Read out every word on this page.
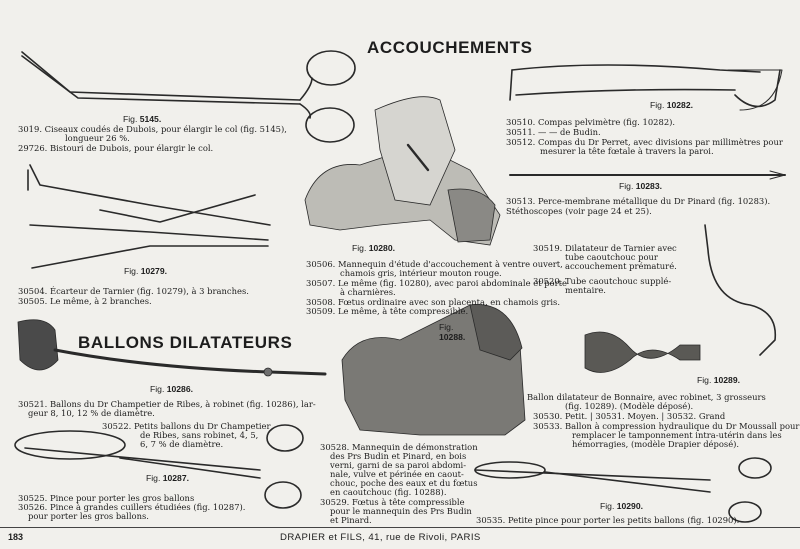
ACCOUCHEMENTS
BALLONS DILATATEURS
Fig. 5145.
Fig. 10279.
Fig. 10280.
Fig. 10282.
Fig. 10283.
Fig. 10286.
Fig. 10287.
Fig.
10288.
Fig. 10289.
Fig. 10290.
3019. Ciseaux coudés de Dubois, pour élargir le col (fig. 5145),
longueur 26 %.
29726. Bistouri de Dubois, pour élargir le col.
30504. Écarteur de Tarnier (fig. 10279), à 3 branches.
30505. Le même, à 2 branches.
30521. Ballons du Dr Champetier de Ribes, à robinet (fig. 10286), lar-
geur 8, 10, 12 % de diamètre.
30522. Petits ballons du Dr Champetier
de Ribes, sans robinet, 4, 5,
6, 7 % de diamètre.
30525. Pince pour porter les gros ballons
30526. Pince à grandes cuillers étudiées (fig. 10287).
pour porter les gros ballons.
30506. Mannequin d'étude d'accouchement à ventre ouvert,
chamois gris, intérieur mouton rouge.
30507. Le même (fig. 10280), avec paroi abdominale et porte
à charnières.
30508. Fœtus ordinaire avec son placenta, en chamois gris.
30509. Le même, à tête compressible.
30528. Mannequin de démonstration
des Prs Budin et Pinard, en bois
verni, garni de sa paroi abdomi-
nale, vulve et périnée en caout-
chouc, poche des eaux et du fœtus
en caoutchouc (fig. 10288).
30529. Fœtus à tête compressible
pour le mannequin des Prs Budin
et Pinard.
30510. Compas pelvimètre (fig. 10282).
30511. — — de Budin.
30512. Compas du Dr Perret, avec divisions par millimètres pour
mesurer la tête fœtale à travers la paroi.
30513. Perce-membrane métallique du Dr Pinard (fig. 10283).
Stéthoscopes (voir page 24 et 25).
30519. Dilatateur de Tarnier avec
tube caoutchouc pour
accouchement prématuré.
30520. Tube caoutchouc supplé-
mentaire.
Ballon dilatateur de Bonnaire, avec robinet, 3 grosseurs
(fig. 10289). (Modèle déposé).
30530. Petit. | 30531. Moyen. | 30532. Grand
30533. Ballon à compression hydraulique du Dr Moussall pour
remplacer le tamponnement intra-utérin dans les
hémorragies, (modèle Drapier déposé).
30535. Petite pince pour porter les petits ballons (fig. 10290).
183	DRAPIER et FILS, 41, rue de Rivoli, PARIS
